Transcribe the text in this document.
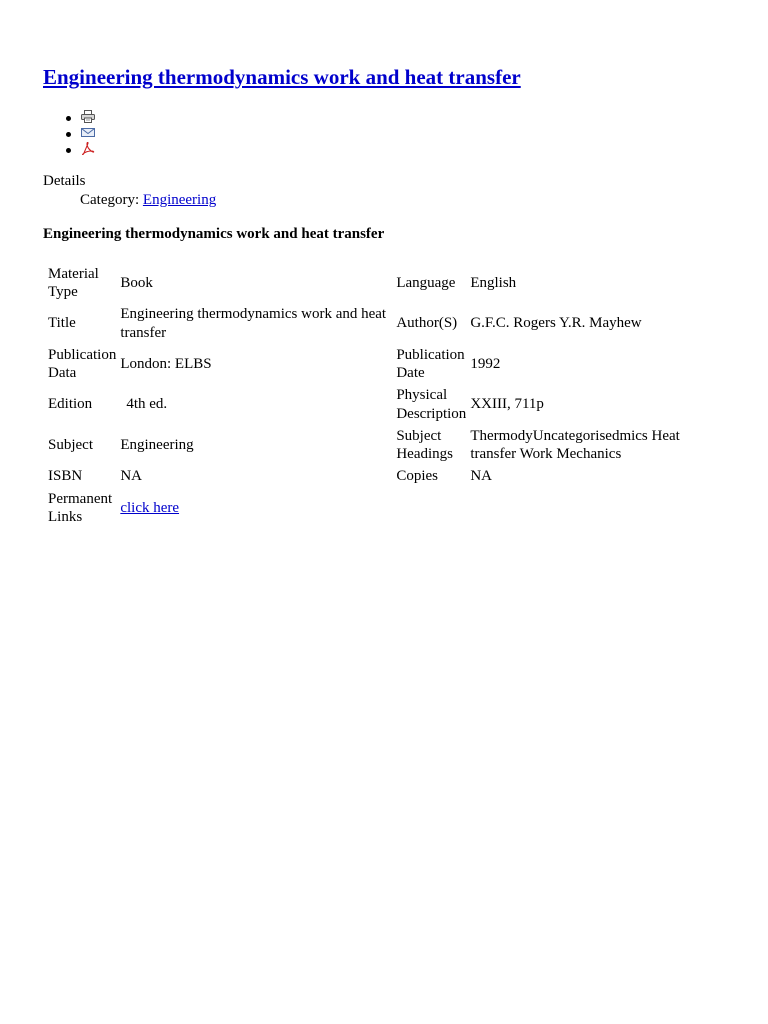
Engineering thermodynamics work and heat transfer
Details
Category: Engineering
Engineering thermodynamics work and heat transfer
Material Type	Book	Language	English
Title	Engineering thermodynamics work and heat transfer	Author(S)	G.F.C. Rogers Y.R. Mayhew
Publication Data	London: ELBS	Publication Date	1992
Edition	4th ed.	Physical Description	XXIII, 711p
Subject	Engineering	Subject Headings	ThermodyUncategorisedmics Heat transfer Work Mechanics
ISBN	NA	Copies	NA
Permanent Links	click here		
